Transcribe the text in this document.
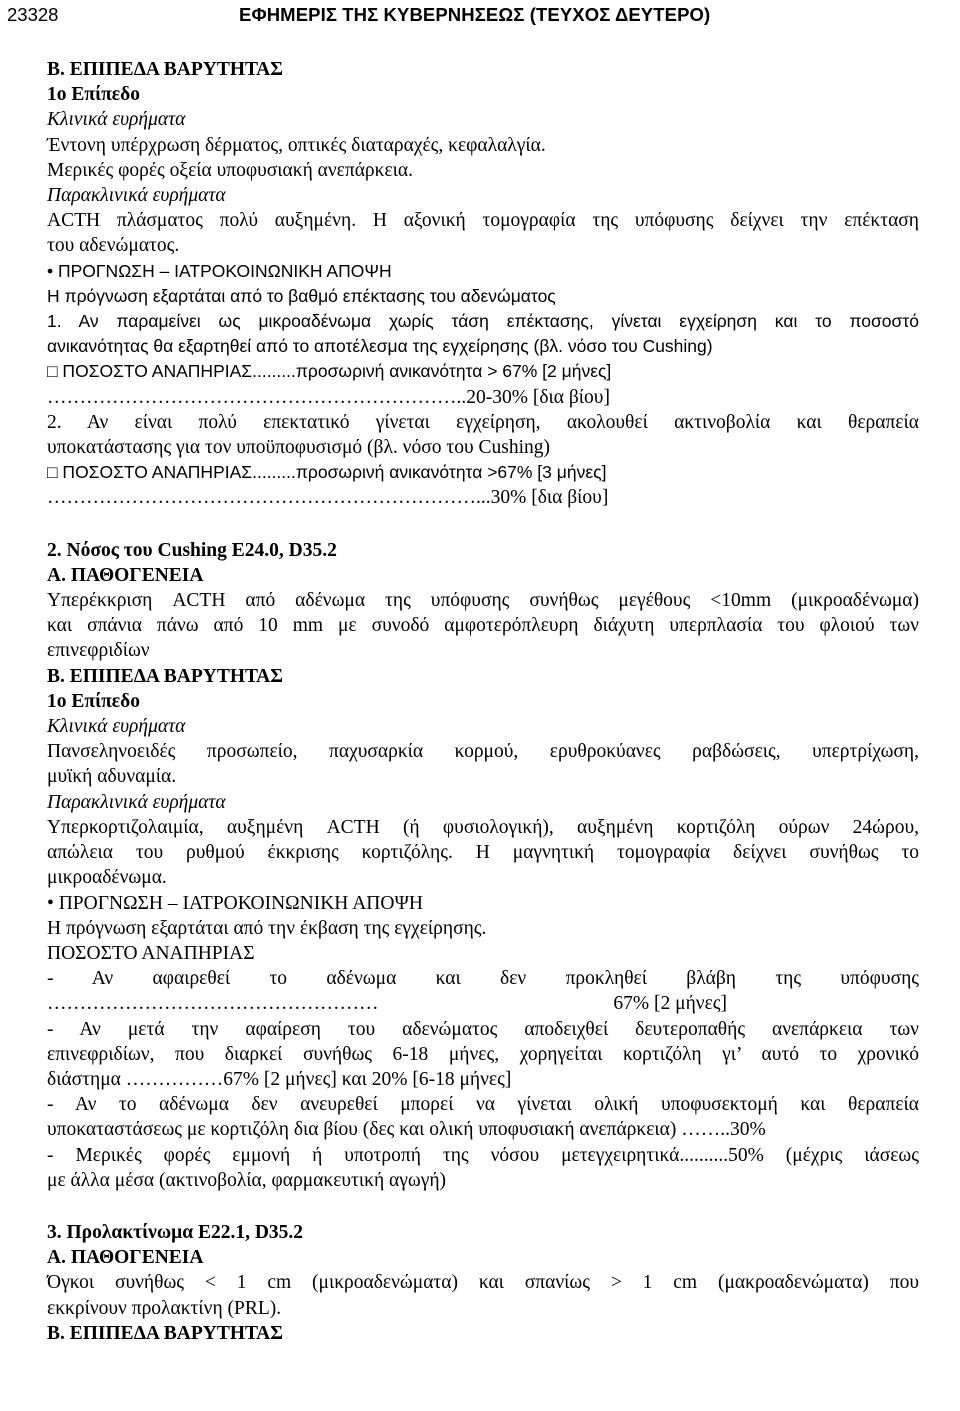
23328	ΕΦΗΜΕΡΙΣ ΤΗΣ ΚΥΒΕΡΝΗΣΕΩΣ (ΤΕΥΧΟΣ ΔΕΥΤΕΡΟ)

Β. ΕΠΙΠΕΔΑ ΒΑΡΥΤΗΤΑΣ

1ο Επίπεδο

Κλινικά ευρήματα

Έντονη υπέρχρωση δέρματος, οπτικές διαταραχές, κεφαλαλγία.

Μερικές φορές οξεία υποφυσιακή ανεπάρκεια.

Παρακλινικά ευρήματα

ACTH πλάσματος πολύ αυξημένη. Η αξονική τομογραφία της υπόφυσης δείχνει την επέκταση

του αδενώματος.

• ΠΡΟΓΝΩΣΗ – ΙΑΤΡΟΚΟΙΝΩΝΙΚΗ ΑΠΟΨΗ

Η πρόγνωση εξαρτάται από το βαθμό επέκτασης του αδενώματος

1. Αν παραμείνει ως μικροαδένωμα χωρίς τάση επέκτασης, γίνεται εγχείρηση και το ποσοστό

ανικανότητας θα εξαρτηθεί από το αποτέλεσμα της εγχείρησης (βλ. νόσο του Cushing)

□ ΠΟΣΟΣΤΟ ΑΝΑΠΗΡΙΑΣ.........προσωρινή ανικανότητα > 67% [2 μήνες]

………………………………………………………..20-30% [δια βίου]

2. Αν είναι πολύ επεκτατικό γίνεται εγχείρηση, ακολουθεί ακτινοβολία και θεραπεία

υποκατάστασης για τον υποϋποφυσισμό (βλ. νόσο του Cushing)

□ ΠΟΣΟΣΤΟ ΑΝΑΠΗΡΙΑΣ.........προσωρινή ανικανότητα >67% [3 μήνες]

…………………………………………………………...30% [δια βίου]

2. Νόσος του Cushing E24.0, D35.2

Α. ΠΑΘΟΓΕΝΕΙΑ

Υπερέκκριση ACTH από αδένωμα της υπόφυσης συνήθως μεγέθους <10mm (μικροαδένωμα)

και σπάνια πάνω από 10 mm με συνοδό αμφοτερόπλευρη διάχυτη υπερπλασία του φλοιού των

επινεφριδίων

Β. ΕΠΙΠΕΔΑ ΒΑΡΥΤΗΤΑΣ

1ο Επίπεδο

Κλινικά ευρήματα

Πανσεληνοειδές προσωπείο, παχυσαρκία κορμού, ερυθροκύανες ραβδώσεις, υπερτρίχωση,

μυϊκή αδυναμία.

Παρακλινικά ευρήματα

Υπερκορτιζολαιμία, αυξημένη ACTH (ή φυσιολογική), αυξημένη κορτιζόλη ούρων 24ώρου,

απώλεια του ρυθμού έκκρισης κορτιζόλης. Η μαγνητική τομογραφία δείχνει συνήθως το

μικροαδένωμα.

• ΠΡΟΓΝΩΣΗ – ΙΑΤΡΟΚΟΙΝΩΝΙΚΗ ΑΠΟΨΗ

Η πρόγνωση εξαρτάται από την έκβαση της εγχείρησης.

ΠΟΣΟΣΤΟ ΑΝΑΠΗΡΙΑΣ

- Αν αφαιρεθεί το αδένωμα και δεν προκληθεί βλάβη της υπόφυσης

……………………………………………	67% [2 μήνες]

- Αν μετά την αφαίρεση του αδενώματος αποδειχθεί δευτεροπαθής ανεπάρκεια των

επινεφριδίων, που διαρκεί συνήθως 6-18 μήνες, χορηγείται κορτιζόλη γι’ αυτό το χρονικό

διάστημα ……………67% [2 μήνες] και 20% [6-18 μήνες]

- Αν το αδένωμα δεν ανευρεθεί μπορεί να γίνεται ολική υποφυσεκτομή και θεραπεία

υποκαταστάσεως με κορτιζόλη δια βίου (δες και ολική υποφυσιακή ανεπάρκεια) ……..30%

- Μερικές φορές εμμονή ή υποτροπή της νόσου μετεγχειρητικά..........50% (μέχρις ιάσεως

με άλλα μέσα (ακτινοβολία, φαρμακευτική αγωγή)

3. Προλακτίνωμα E22.1, D35.2

Α. ΠΑΘΟΓΕΝΕΙΑ

Όγκοι συνήθως < 1 cm (μικροαδενώματα) και σπανίως > 1 cm (μακροαδενώματα) που

εκκρίνουν προλακτίνη (PRL).

Β. ΕΠΙΠΕΔΑ ΒΑΡΥΤΗΤΑΣ
